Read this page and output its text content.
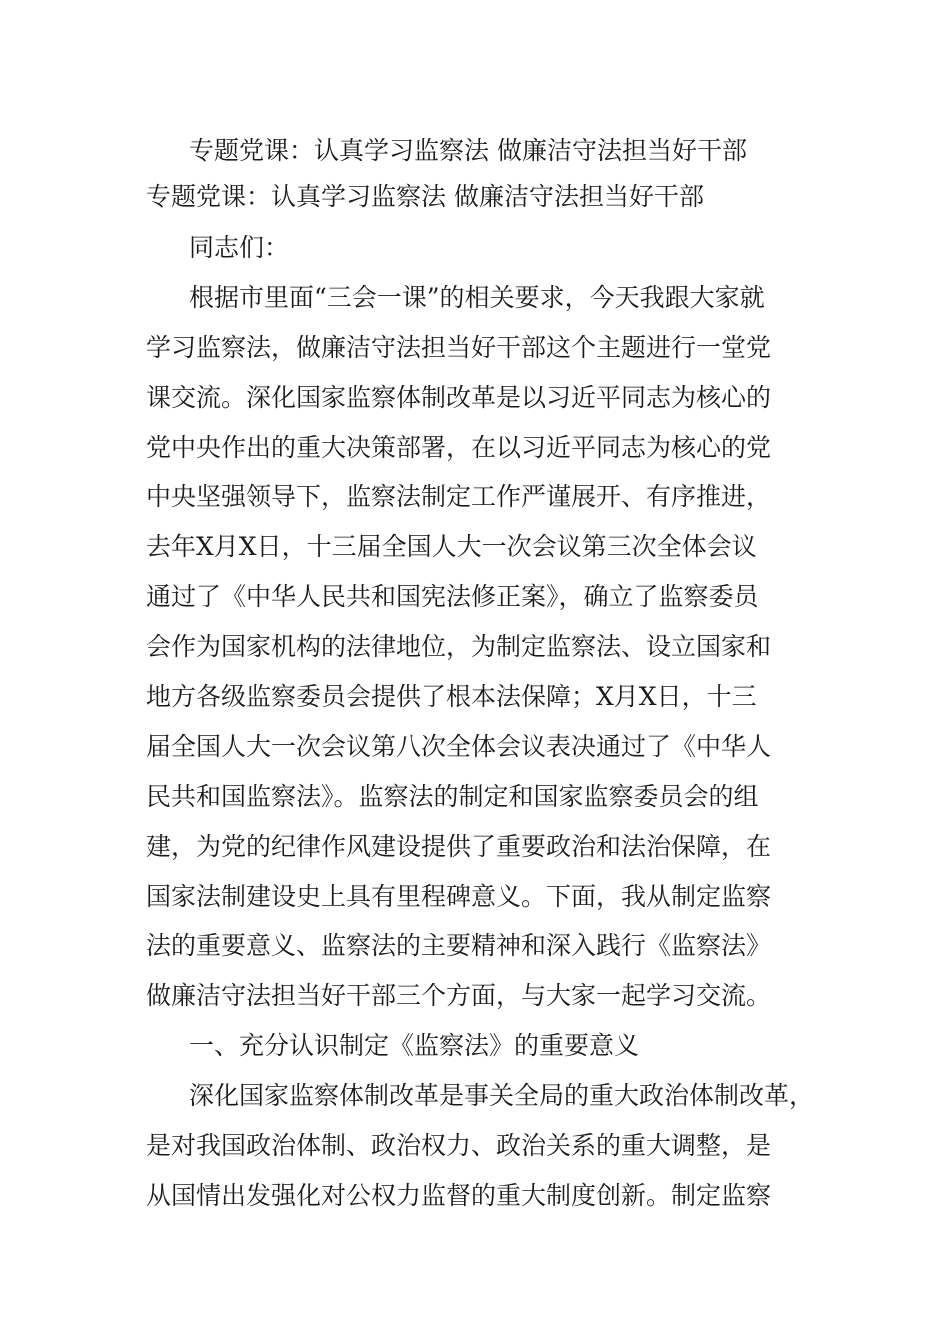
专题党课：认真学习监察法 做廉洁守法担当好干部
专题党课：认真学习监察法 做廉洁守法担当好干部
同志们：
根据市里面“三会一课”的相关要求，今天我跟大家就
学习监察法，做廉洁守法担当好干部这个主题进行一堂党
课交流。深化国家监察体制改革是以习近平同志为核心的
党中央作出的重大决策部署，在以习近平同志为核心的党
中央坚强领导下，监察法制定工作严谨展开、有序推进，
去年X月X日，十三届全国人大一次会议第三次全体会议
通过了《中华人民共和国宪法修正案》，确立了监察委员
会作为国家机构的法律地位，为制定监察法、设立国家和
地方各级监察委员会提供了根本法保障；X月X日，十三
届全国人大一次会议第八次全体会议表决通过了《中华人
民共和国监察法》。监察法的制定和国家监察委员会的组
建，为党的纪律作风建设提供了重要政治和法治保障，在
国家法制建设史上具有里程碑意义。下面，我从制定监察
法的重要意义、监察法的主要精神和深入践行《监察法》
做廉洁守法担当好干部三个方面，与大家一起学习交流。
一、充分认识制定《监察法》的重要意义
深化国家监察体制改革是事关全局的重大政治体制改革，
是对我国政治体制、政治权力、政治关系的重大调整，是
从国情出发强化对公权力监督的重大制度创新。制定监察
